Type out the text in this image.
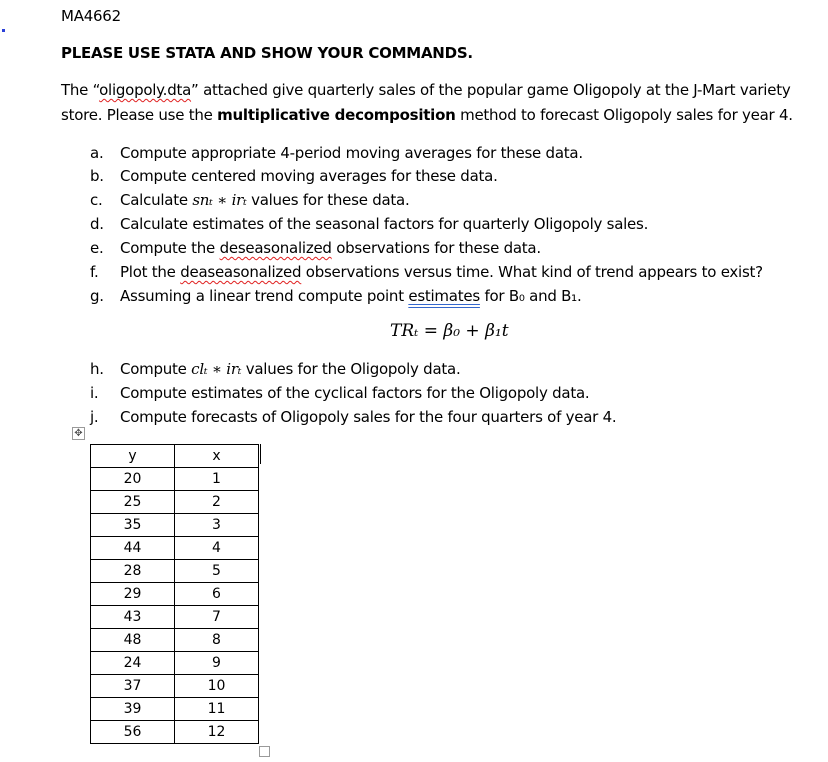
MA4662
PLEASE USE STATA AND SHOW YOUR COMMANDS.
The “oligopoly.dta” attached give quarterly sales of the popular game Oligopoly at the J-Mart variety
store. Please use the multiplicative decomposition method to forecast Oligopoly sales for year 4.
a. Compute appropriate 4-period moving averages for these data.
b. Compute centered moving averages for these data.
c. Calculate snₜ ∗ irₜ values for these data.
d. Calculate estimates of the seasonal factors for quarterly Oligopoly sales.
e. Compute the deseasonalized observations for these data.
f. Plot the deaseasonalized observations versus time. What kind of trend appears to exist?
g. Assuming a linear trend compute point estimates for B₀ and B₁.
TRₜ = β₀ + β₁t
h. Compute clₜ ∗ irₜ values for the Oligopoly data.
i. Compute estimates of the cyclical factors for the Oligopoly data.
j. Compute forecasts of Oligopoly sales for the four quarters of year 4.
✥
y	x
20	1
25	2
35	3
44	4
28	5
29	6
43	7
48	8
24	9
37	10
39	11
56	12
